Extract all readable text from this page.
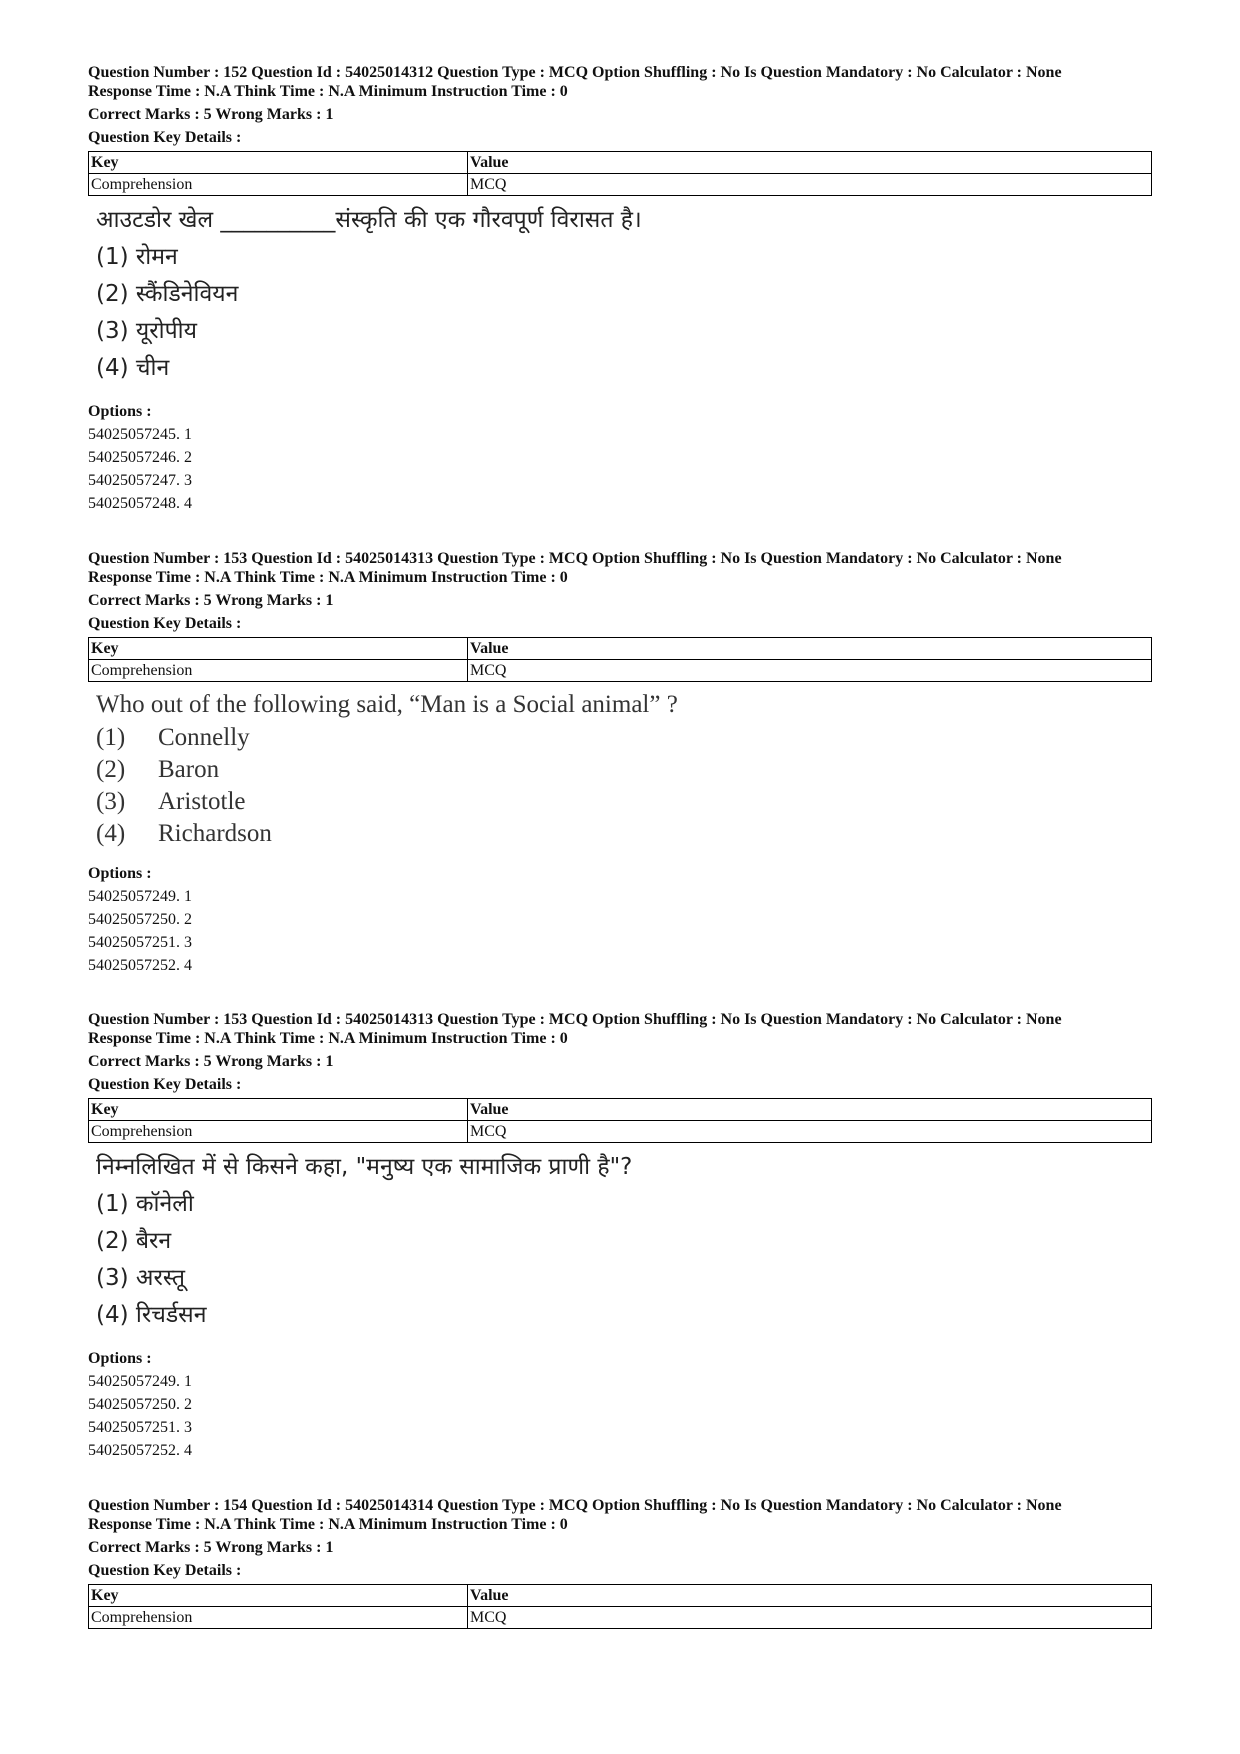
Question Number : 152 Question Id : 54025014312 Question Type : MCQ Option Shuffling : No Is Question Mandatory : No Calculator : None

Response Time : N.A Think Time : N.A Minimum Instruction Time : 0

Correct Marks : 5 Wrong Marks : 1

Question Key Details :

Key	Value
Comprehension	MCQ
आउटडोर खेल __________संस्कृति की एक गौरवपूर्ण विरासत है।
(1) रोमन
(2) स्कैंडिनेवियन
(3) यूरोपीय
(4) चीन
Options :
54025057245. 1
54025057246. 2
54025057247. 3
54025057248. 4

Question Number : 153 Question Id : 54025014313 Question Type : MCQ Option Shuffling : No Is Question Mandatory : No Calculator : None

Response Time : N.A Think Time : N.A Minimum Instruction Time : 0

Correct Marks : 5 Wrong Marks : 1

Question Key Details :

Key	Value
Comprehension	MCQ
Who out of the following said, “Man is a Social animal” ?
(1)	Connelly
(2)	Baron
(3)	Aristotle
(4)	Richardson
Options :
54025057249. 1
54025057250. 2
54025057251. 3
54025057252. 4

Question Number : 153 Question Id : 54025014313 Question Type : MCQ Option Shuffling : No Is Question Mandatory : No Calculator : None

Response Time : N.A Think Time : N.A Minimum Instruction Time : 0

Correct Marks : 5 Wrong Marks : 1

Question Key Details :

Key	Value
Comprehension	MCQ
निम्नलिखित में से किसने कहा, "मनुष्य एक सामाजिक प्राणी है"?
(1) कॉनेली
(2) बैरन
(3) अरस्तू
(4) रिचर्डसन
Options :
54025057249. 1
54025057250. 2
54025057251. 3
54025057252. 4

Question Number : 154 Question Id : 54025014314 Question Type : MCQ Option Shuffling : No Is Question Mandatory : No Calculator : None

Response Time : N.A Think Time : N.A Minimum Instruction Time : 0

Correct Marks : 5 Wrong Marks : 1

Question Key Details :

Key	Value
Comprehension	MCQ
